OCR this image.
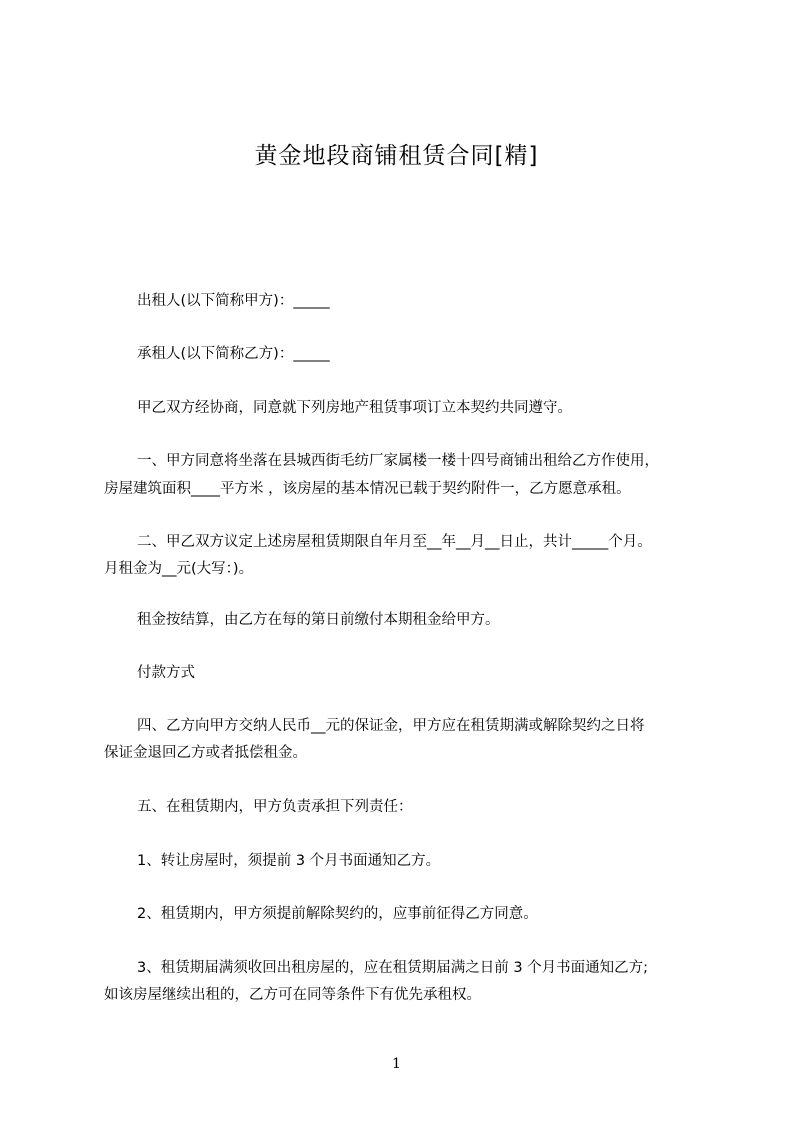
黄金地段商铺租赁合同[精]
出租人(以下简称甲方)：_____
承租人(以下简称乙方)：_____
甲乙双方经协商，同意就下列房地产租赁事项订立本契约共同遵守。
一、甲方同意将坐落在县城西街毛纺厂家属楼一楼十四号商铺出租给乙方作使用，
房屋建筑面积____平方米 ，该房屋的基本情况已载于契约附件一，乙方愿意承租。
二、甲乙双方议定上述房屋租赁期限自年月至__年__月__日止，共计_____个月。
月租金为__元(大写：)。
租金按结算，由乙方在每的第日前缴付本期租金给甲方。
付款方式
四、乙方向甲方交纳人民币__元的保证金，甲方应在租赁期满或解除契约之日将
保证金退回乙方或者抵偿租金。
五、在租赁期内，甲方负责承担下列责任：
1、转让房屋时，须提前 3 个月书面通知乙方。
2、租赁期内，甲方须提前解除契约的，应事前征得乙方同意。
3、租赁期届满须收回出租房屋的，应在租赁期届满之日前 3 个月书面通知乙方;
如该房屋继续出租的，乙方可在同等条件下有优先承租权。
1
